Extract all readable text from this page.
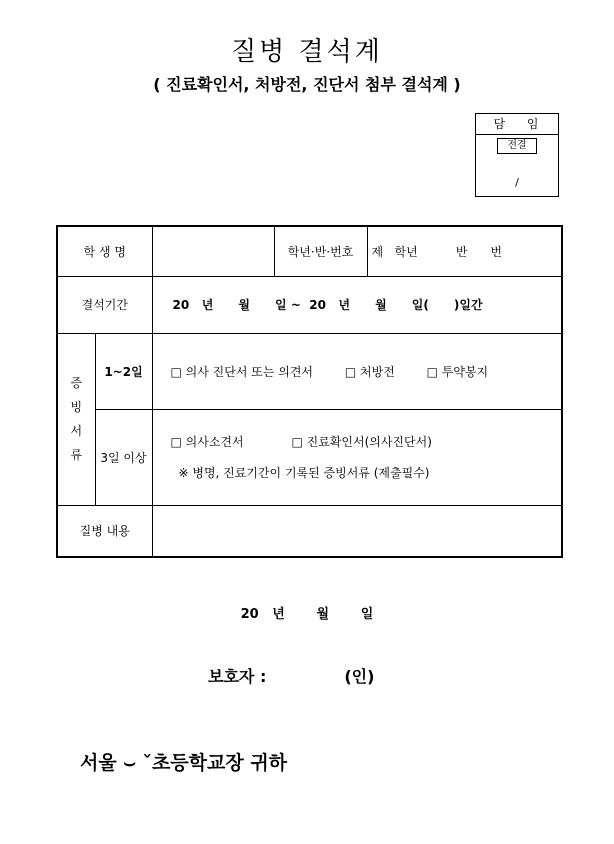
질병 결석계
( 진료확인서, 처방전, 진단서 첨부 결석계 )
담 임
전결
/
학 생 명			학년·반·번호	제   학년          반      번
결석기간		20   년      월      일 ~  20   년      월      일(      )일간		
증 빙 서 류	1~2일	□ 의사 진단서 또는 의견서 □ 처방전 □ 투약봉지		

	3일 이상	□ 의사소견서 □ 진료확인서(의사진단서)
※ 병명, 진료기간이 기록된 증빙서류 (제출필수)		

질병 내용				
20   년       월       일
보호자 :              (인)
서울 ⌣ ˇ초등학교장 귀하
